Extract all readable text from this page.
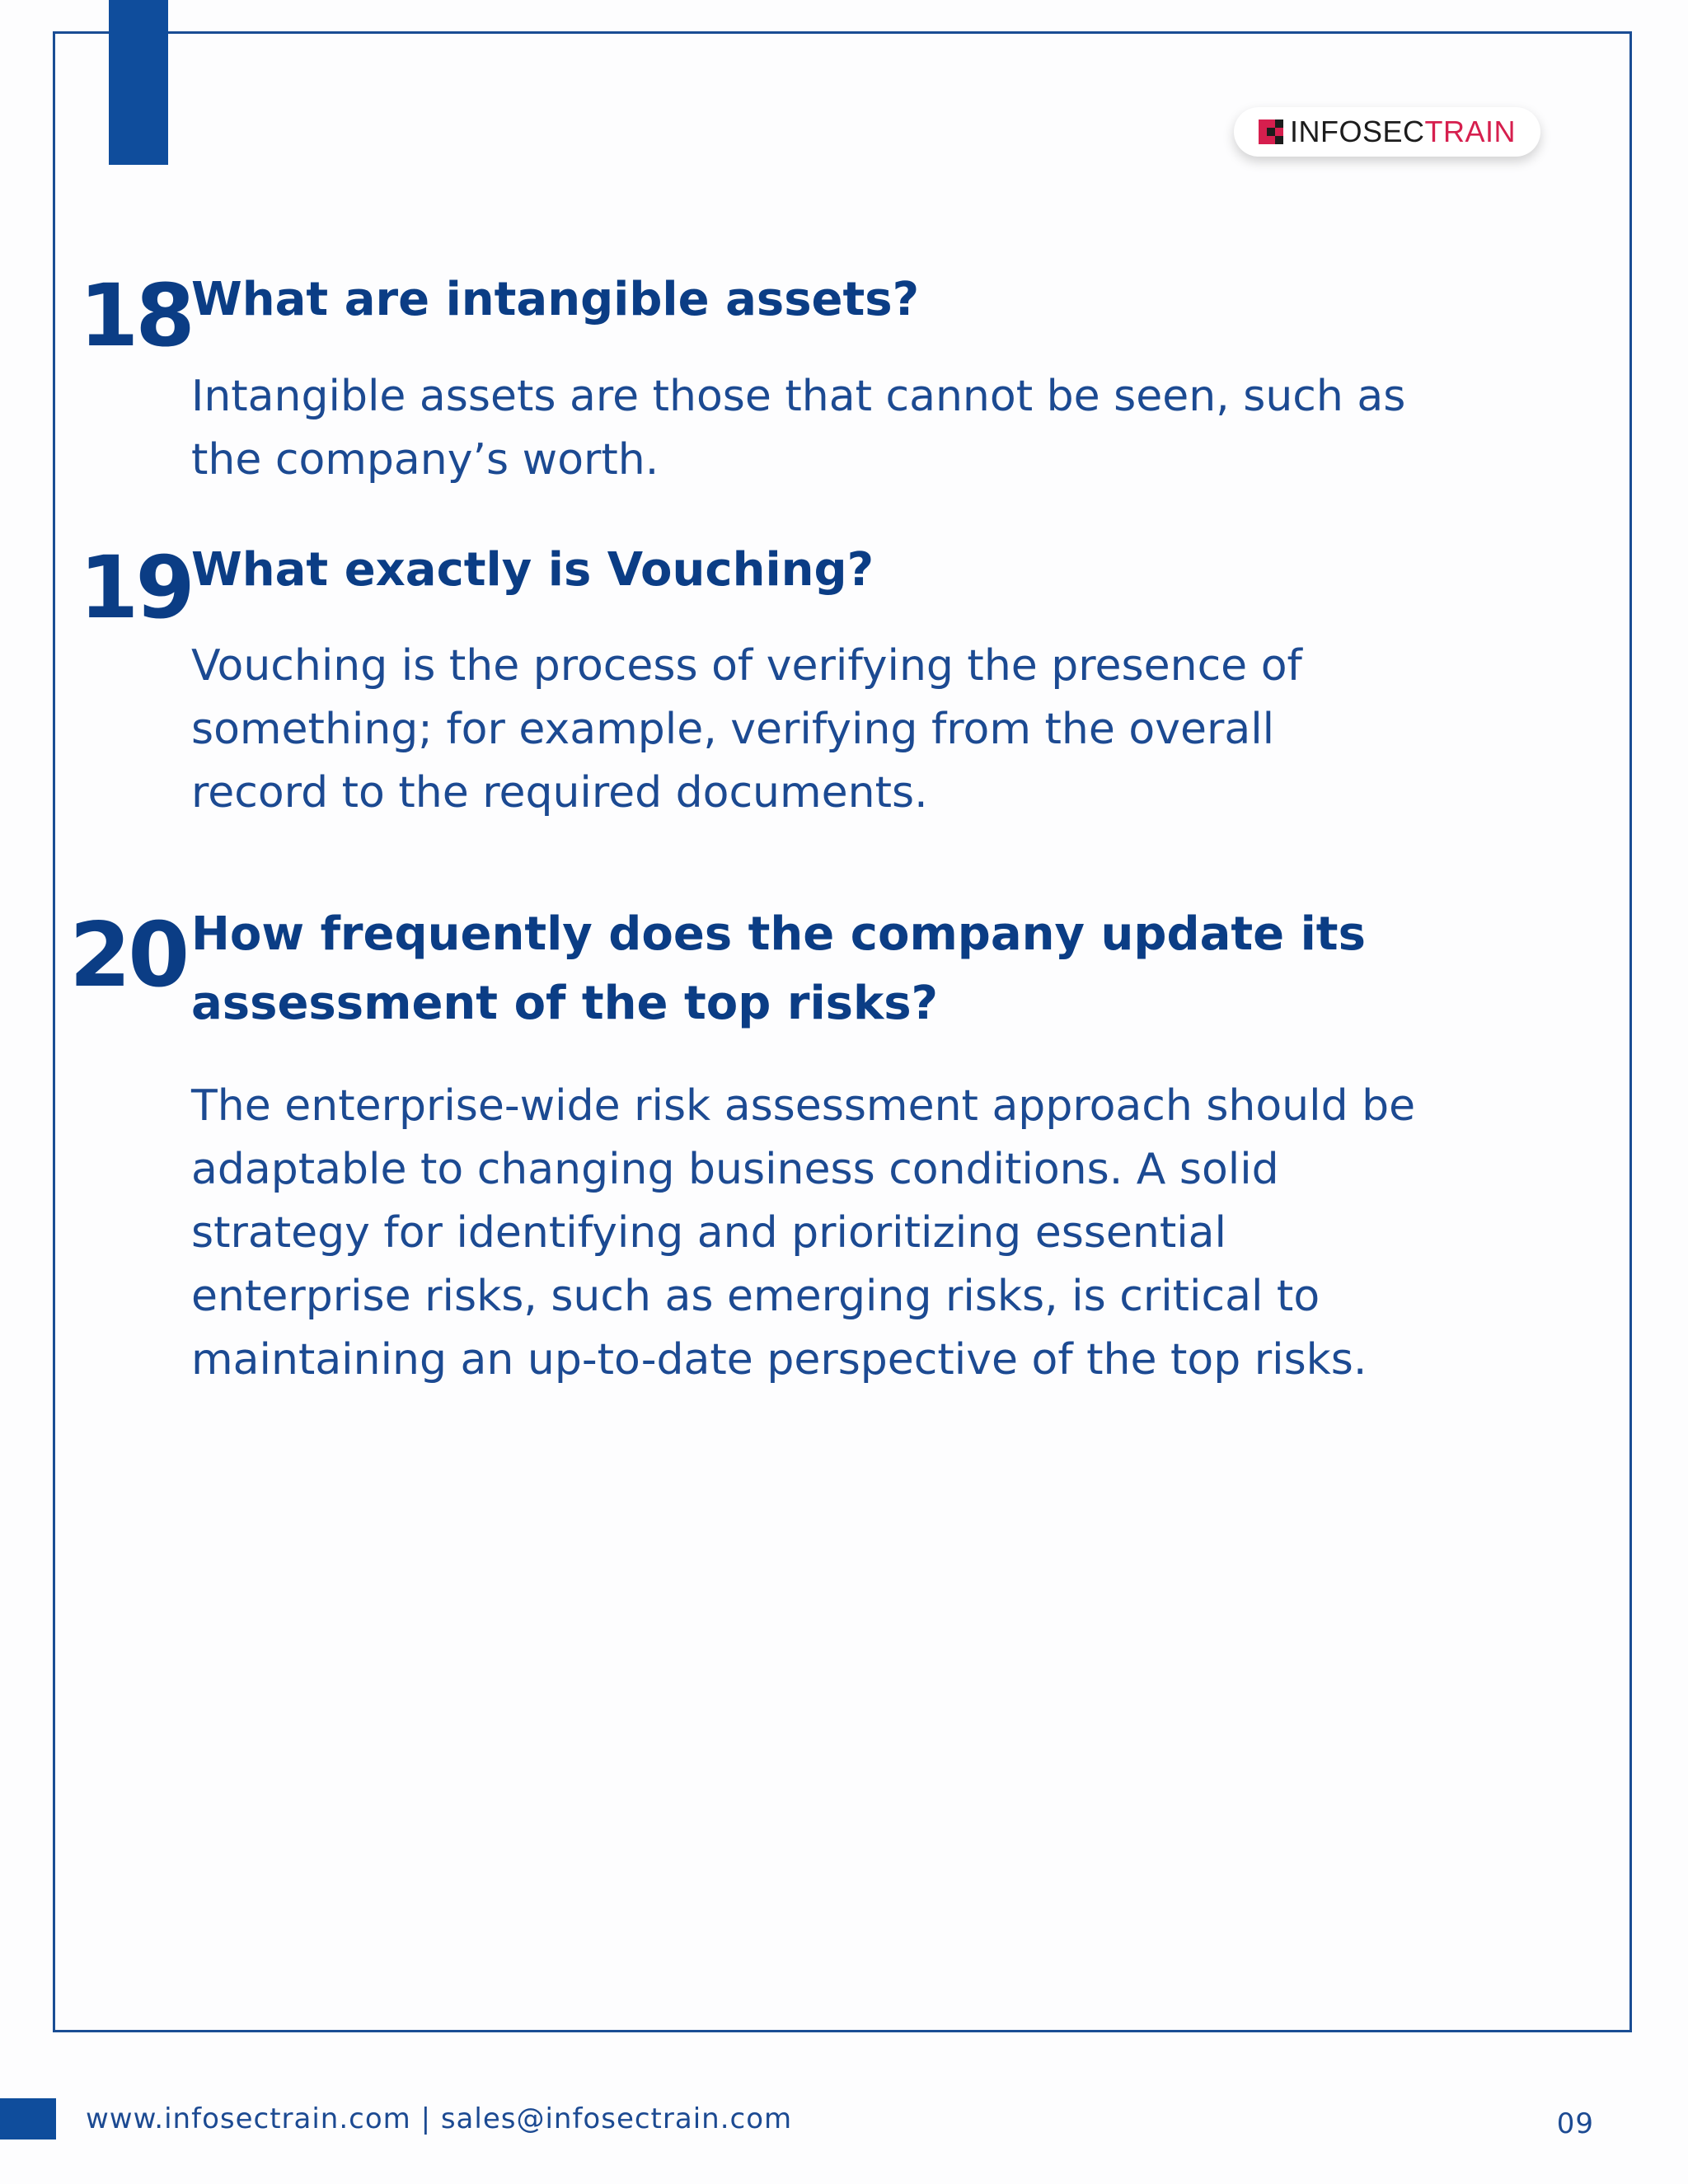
INFOSECTRAIN
18 What are intangible assets?
Intangible assets are those that cannot be seen, such as
the company’s worth.
19 What exactly is Vouching?
Vouching is the process of verifying the presence of
something; for example, verifying from the overall
record to the required documents.
20 How frequently does the company update its
assessment of the top risks?
The enterprise-wide risk assessment approach should be
adaptable to changing business conditions. A solid
strategy for identifying and prioritizing essential
enterprise risks, such as emerging risks, is critical to
maintaining an up-to-date perspective of the top risks.
www.infosectrain.com | sales@infosectrain.com	09
